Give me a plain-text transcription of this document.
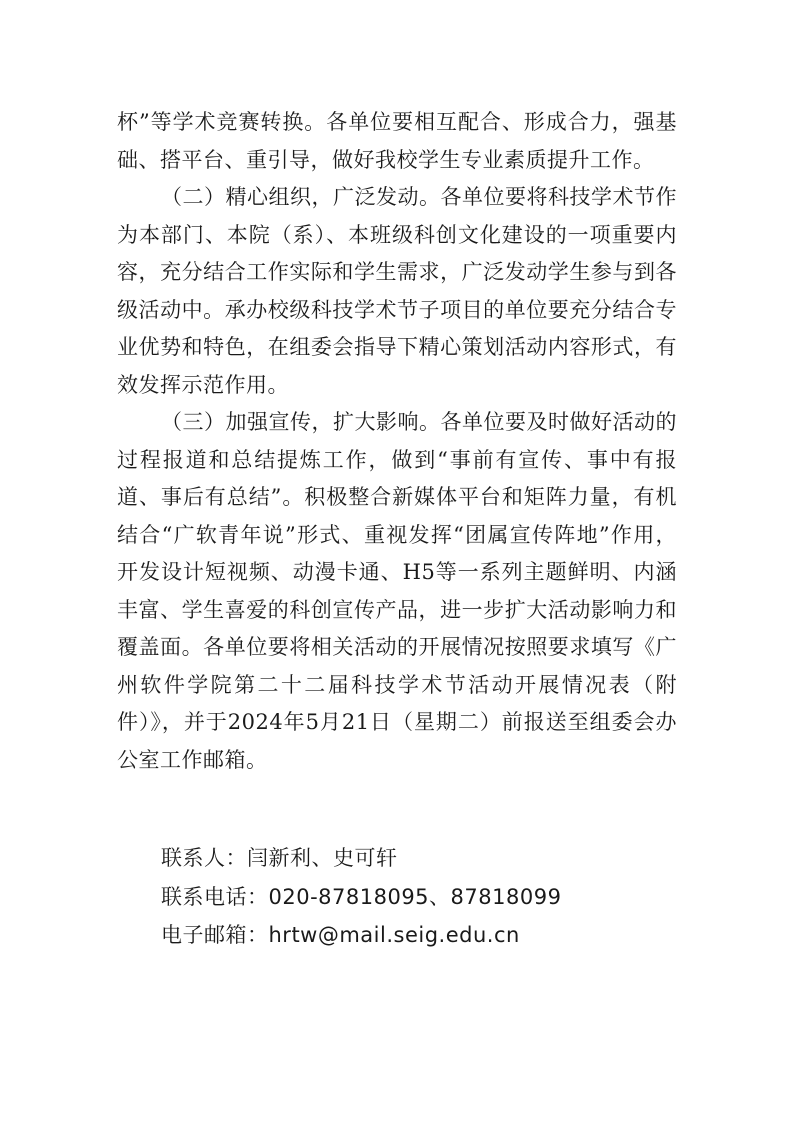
杯”等学术竞赛转换。各单位要相互配合、形成合力，强基础、搭平台、重引导，做好我校学生专业素质提升工作。

（二）精心组织，广泛发动。各单位要将科技学术节作为本部门、本院（系）、本班级科创文化建设的一项重要内容，充分结合工作实际和学生需求，广泛发动学生参与到各级活动中。承办校级科技学术节子项目的单位要充分结合专业优势和特色，在组委会指导下精心策划活动内容形式，有效发挥示范作用。

（三）加强宣传，扩大影响。各单位要及时做好活动的过程报道和总结提炼工作，做到“事前有宣传、事中有报道、事后有总结”。积极整合新媒体平台和矩阵力量，有机结合“广软青年说”形式、重视发挥“团属宣传阵地”作用，开发设计短视频、动漫卡通、H5等一系列主题鲜明、内涵丰富、学生喜爱的科创宣传产品，进一步扩大活动影响力和覆盖面。各单位要将相关活动的开展情况按照要求填写《广州软件学院第二十二届科技学术节活动开展情况表（附件）》，并于2024年5月21日（星期二）前报送至组委会办公室工作邮箱。

联系人：闫新利、史可轩

联系电话：020-87818095、87818099

电子邮箱：hrtw@mail.seig.edu.cn
